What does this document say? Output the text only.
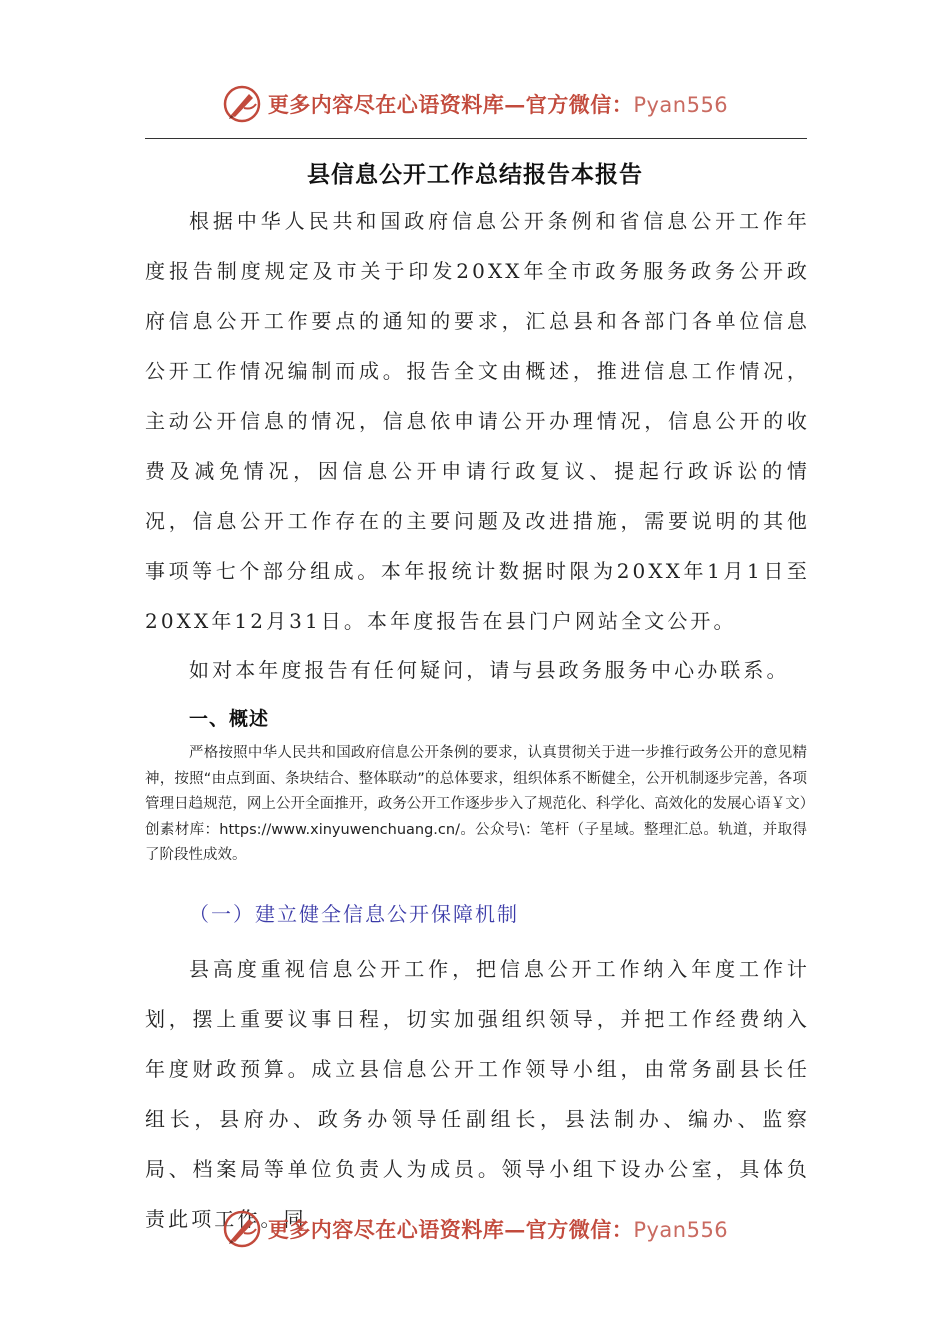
更多内容尽在心语资料库—官方微信：Pyan556
县信息公开工作总结报告本报告

根据中华人民共和国政府信息公开条例和省信息公开工作年度报告制度规定及市关于印发20XX年全市政务服务政务公开政府信息公开工作要点的通知的要求，汇总县和各部门各单位信息公开工作情况编制而成。报告全文由概述，推进信息工作情况，主动公开信息的情况，信息依申请公开办理情况，信息公开的收费及减免情况，因信息公开申请行政复议、提起行政诉讼的情况，信息公开工作存在的主要问题及改进措施，需要说明的其他事项等七个部分组成。本年报统计数据时限为20XX年1月1日至20XX年12月31日。本年度报告在县门户网站全文公开。

如对本年度报告有任何疑问，请与县政务服务中心办联系。

一、概述

严格按照中华人民共和国政府信息公开条例的要求，认真贯彻关于进一步推行政务公开的意见精神，按照“由点到面、条块结合、整体联动”的总体要求，组织体系不断健全，公开机制逐步完善，各项管理日趋规范，网上公开全面推开，政务公开工作逐步步入了规范化、科学化、高效化的发展心语￥文）创素材库：https://www.xinyuwenchuang.cn/。公众号\：笔杆（子星域。整理汇总。轨道，并取得了阶段性成效。

（一）建立健全信息公开保障机制

县高度重视信息公开工作，把信息公开工作纳入年度工作计划，摆上重要议事日程，切实加强组织领导，并把工作经费纳入年度财政预算。成立县信息公开工作领导小组，由常务副县长任组长，县府办、政务办领导任副组长，县法制办、编办、监察局、档案局等单位负责人为成员。领导小组下设办公室，具体负责此项工作。同

更多内容尽在心语资料库—官方微信：Pyan556
